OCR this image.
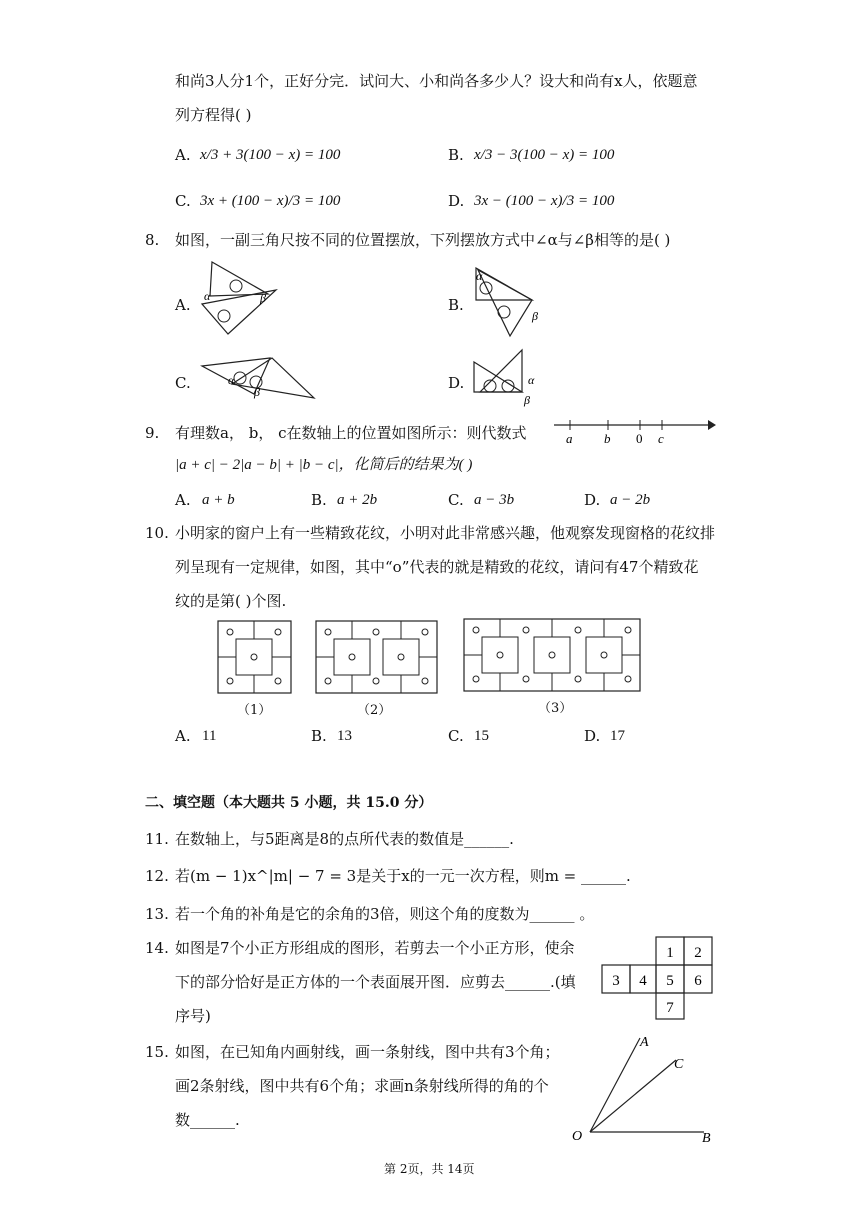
和尚3人分1个，正好分完．试问大、小和尚各多少人？设大和尚有x人，依题意
列方程得( )
A. x/3 + 3(100 − x) = 100	B. x/3 − 3(100 − x) = 100
C. 3x + (100 − x)/3 = 100	D. 3x − (100 − x)/3 = 100
8. 如图，一副三角尺按不同的位置摆放，下列摆放方式中∠α与∠β相等的是( )
A.	B.
C.	D.
α	β
α
β
α
β
α
β
9. 有理数a， b， c在数轴上的位置如图所示：则代数式
|a + c| − 2|a − b| + |b − c|，化简后的结果为( )
a b 0 c
A. a + b	B. a + 2b	C. a − 3b	D. a − 2b
10. 小明家的窗户上有一些精致花纹，小明对此非常感兴趣，他观察发现窗格的花纹排
列呈现有一定规律，如图，其中“o”代表的就是精致的花纹，请问有47个精致花
纹的是第( )个图.
（1）	（2）	（3）
A. 11	B. 13	C. 15	D. 17
二、填空题（本大题共 5 小题，共 15.0 分）
11. 在数轴上，与5距离是8的点所代表的数值是______.
12. 若(m − 1)x^|m| − 7 = 3是关于x的一元一次方程，则m = ______.
13. 若一个角的补角是它的余角的3倍，则这个角的度数为______ 。
14. 如图是7个小正方形组成的图形，若剪去一个小正方形，使余
下的部分恰好是正方体的一个表面展开图．应剪去______.(填
序号)
1 2
3 4 5 6
7
15. 如图，在已知角内画射线，画一条射线，图中共有3个角；
画2条射线，图中共有6个角；求画n条射线所得的角的个
数______.
A
C
O	B
第 2页，共 14页
